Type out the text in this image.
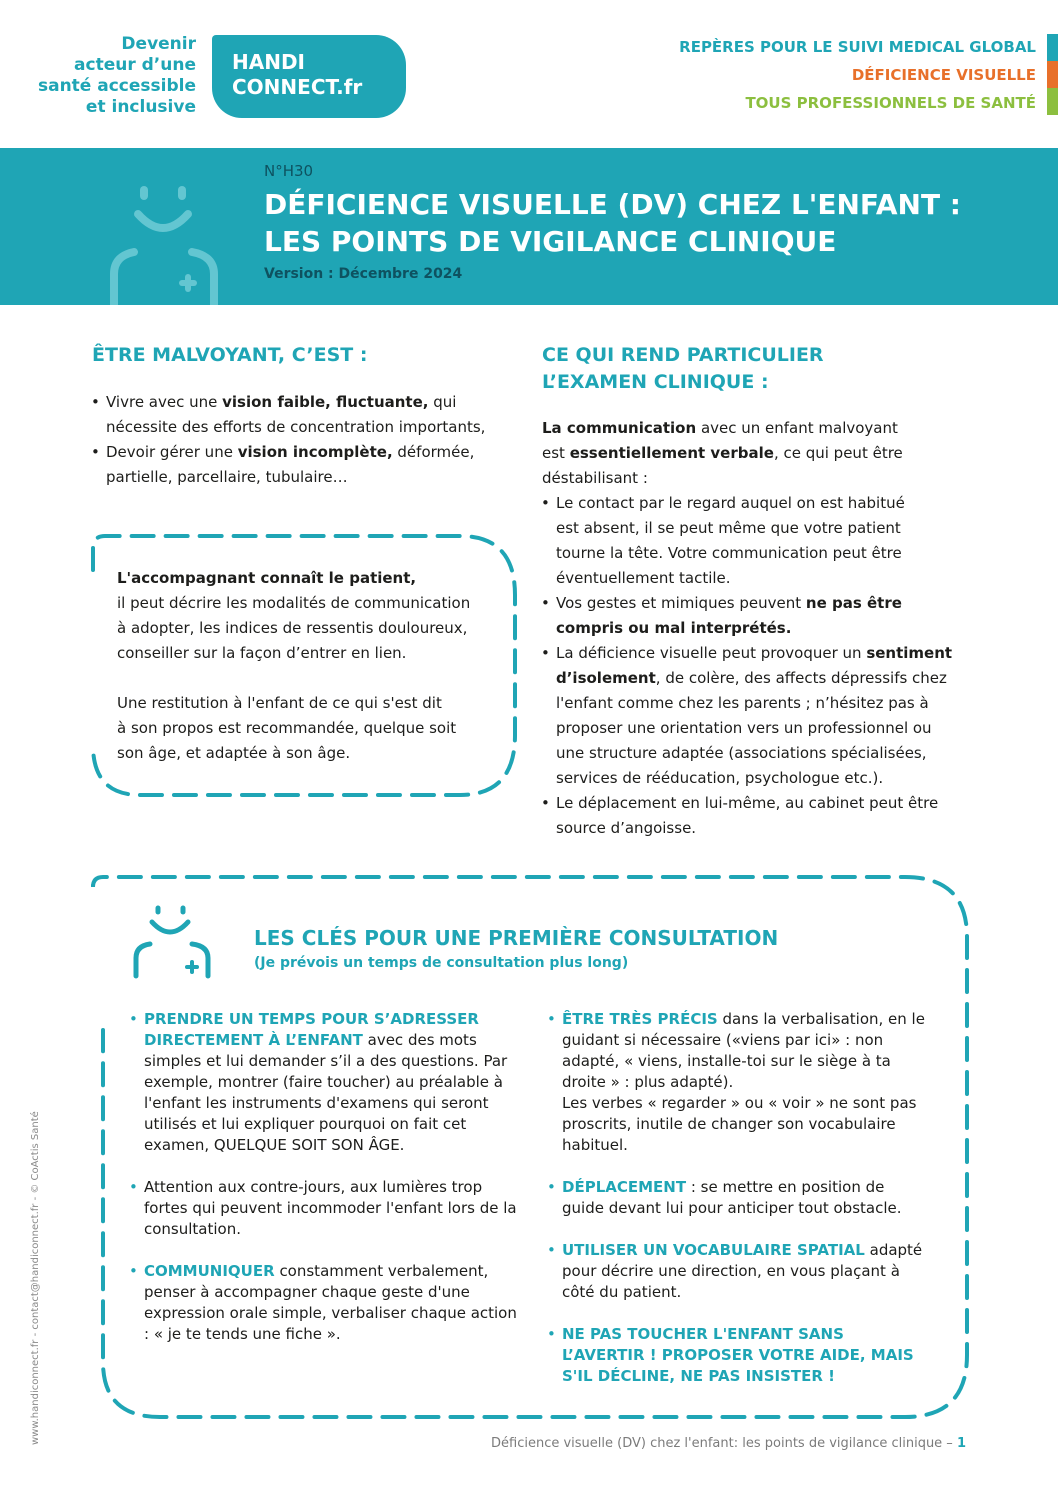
Devenir
acteur d’une
santé accessible
et inclusive
HANDI
CONNECT.fr
REPÈRES POUR LE SUIVI MEDICAL GLOBAL
DÉFICIENCE VISUELLE
TOUS PROFESSIONNELS DE SANTÉ
N°H30
DÉFICIENCE VISUELLE (DV) CHEZ L'ENFANT :
LES POINTS DE VIGILANCE CLINIQUE
Version : Décembre 2024
ÊTRE MALVOYANT, C’EST :
• Vivre avec une vision faible, fluctuante, qui
nécessite des efforts de concentration importants,
• Devoir gérer une vision incomplète, déformée,
partielle, parcellaire, tubulaire…
L'accompagnant connaît le patient,
il peut décrire les modalités de communication
à adopter, les indices de ressentis douloureux,
conseiller sur la façon d’entrer en lien.
Une restitution à l'enfant de ce qui s'est dit
à son propos est recommandée, quelque soit
son âge, et adaptée à son âge.
CE QUI REND PARTICULIER
L’EXAMEN CLINIQUE :
La communication avec un enfant malvoyant
est essentiellement verbale, ce qui peut être
déstabilisant :
• Le contact par le regard auquel on est habitué
est absent, il se peut même que votre patient
tourne la tête. Votre communication peut être
éventuellement tactile.
• Vos gestes et mimiques peuvent ne pas être
compris ou mal interprétés.
• La déficience visuelle peut provoquer un sentiment
d’isolement, de colère, des affects dépressifs chez
l'enfant comme chez les parents ; n’hésitez pas à
proposer une orientation vers un professionnel ou
une structure adaptée (associations spécialisées,
services de rééducation, psychologue etc.).
• Le déplacement en lui-même, au cabinet peut être
source d’angoisse.
LES CLÉS POUR UNE PREMIÈRE CONSULTATION
(Je prévois un temps de consultation plus long)
• PRENDRE UN TEMPS POUR S’ADRESSER DIRECTEMENT À L’ENFANT avec des mots simples et lui demander s’il a des questions. Par exemple, montrer (faire toucher) au préalable à l'enfant les instruments d'examens qui seront utilisés et lui expliquer pourquoi on fait cet examen, QUELQUE SOIT SON ÂGE.
• Attention aux contre-jours, aux lumières trop fortes qui peuvent incommoder l'enfant lors de la consultation.
• COMMUNIQUER constamment verbalement, penser à accompagner chaque geste d'une expression orale simple, verbaliser chaque action : « je te tends une fiche ».
• ÊTRE TRÈS PRÉCIS dans la verbalisation, en le guidant si nécessaire («viens par ici» : non adapté, « viens, installe-toi sur le siège à ta droite » : plus adapté).
Les verbes « regarder » ou « voir » ne sont pas proscrits, inutile de changer son vocabulaire habituel.
• DÉPLACEMENT : se mettre en position de guide devant lui pour anticiper tout obstacle.
• UTILISER UN VOCABULAIRE SPATIAL adapté pour décrire une direction, en vous plaçant à côté du patient.
• NE PAS TOUCHER L'ENFANT SANS L’AVERTIR ! PROPOSER VOTRE AIDE, MAIS S'IL DÉCLINE, NE PAS INSISTER !
www.handiconnect.fr - contact@handiconnect.fr - © CoActis Santé	Déficience visuelle (DV) chez l'enfant: les points de vigilance clinique – 1
